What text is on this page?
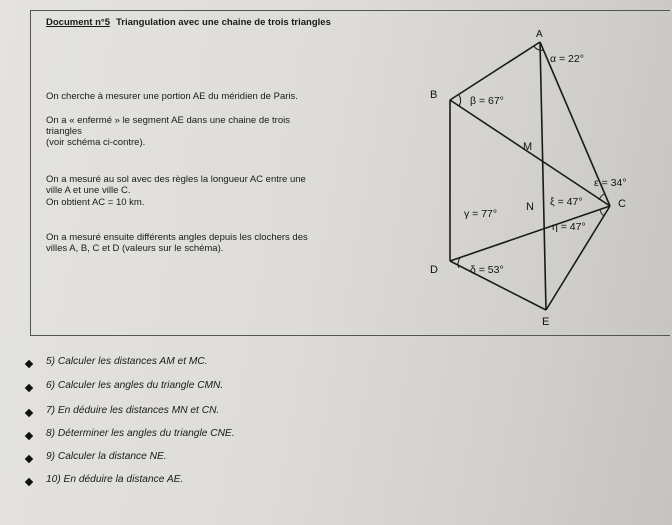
Document n°5 Triangulation avec une chaine de trois triangles
On cherche à mesurer une portion AE du méridien de Paris.
On a « enfermé » le segment AE dans une chaine de trois
triangles
(voir schéma ci-contre).
On a mesuré au sol avec des règles la longueur AC entre une
ville A et une ville C.
On obtient AC = 10 km.
On a mesuré ensuite différents angles depuis les clochers des
villes A, B, C et D (valeurs sur le schéma).
A
B
C
D
E
M
N
α = 22°
β = 67°
γ = 77°
δ = 53°
ε = 34°
ξ = 47°
η = 47°
5) Calculer les distances AM et MC.
6) Calculer les angles du triangle CMN.
7) En déduire les distances MN et CN.
8) Déterminer les angles du triangle CNE.
9) Calculer la distance NE.
10) En déduire la distance AE.
